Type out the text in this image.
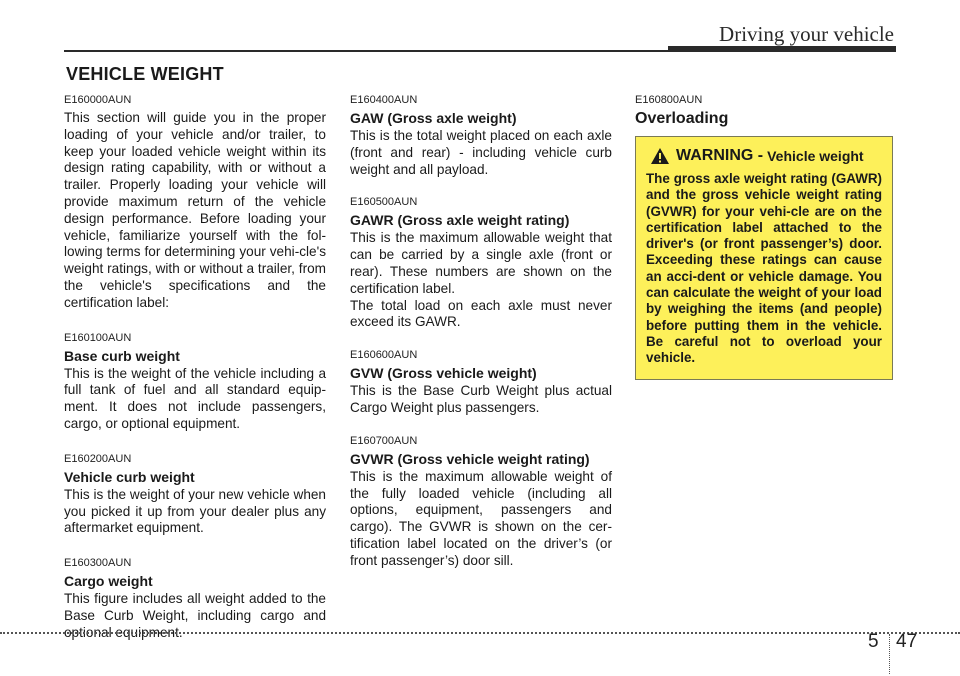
Driving your vehicle
VEHICLE WEIGHT

E160000AUN

This section will guide you in the proper loading of your vehicle and/or trailer, to keep your loaded vehicle weight within its design rating capability, with or without a trailer. Properly loading your vehicle will provide maximum return of the vehicle design performance. Before loading your vehicle, familiarize yourself with the fol-lowing terms for determining your vehi-cle's weight ratings, with or without a trailer, from the vehicle's specifications and the certification label:

E160100AUN

Base curb weight

This is the weight of the vehicle including a full tank of fuel and all standard equip-ment. It does not include passengers, cargo, or optional equipment.

E160200AUN

Vehicle curb weight

This is the weight of your new vehicle when you picked it up from your dealer plus any aftermarket equipment.

E160300AUN

Cargo weight

This figure includes all weight added to the Base Curb Weight, including cargo and optional equipment.

E160400AUN

GAW (Gross axle weight)

This is the total weight placed on each axle (front and rear) - including vehicle curb weight and all payload.

E160500AUN

GAWR (Gross axle weight rating)

This is the maximum allowable weight that can be carried by a single axle (front or rear). These numbers are shown on the certification label.

The total load on each axle must never exceed its GAWR.

E160600AUN

GVW (Gross vehicle weight)

This is the Base Curb Weight plus actual Cargo Weight plus passengers.

E160700AUN

GVWR (Gross vehicle weight rating)

This is the maximum allowable weight of the fully loaded vehicle (including all options, equipment, passengers and cargo). The GVWR is shown on the cer-tification label located on the driver’s (or front passenger’s) door sill.

E160800AUN

Overloading

WARNING - Vehicle weight

The gross axle weight rating (GAWR) and the gross vehicle weight rating (GVWR) for your vehi-cle are on the certification label attached to the driver's (or front passenger’s) door. Exceeding these ratings can cause an acci-dent or vehicle damage. You can calculate the weight of your load by weighing the items (and people) before putting them in the vehicle. Be careful not to overload your vehicle.

5 47
